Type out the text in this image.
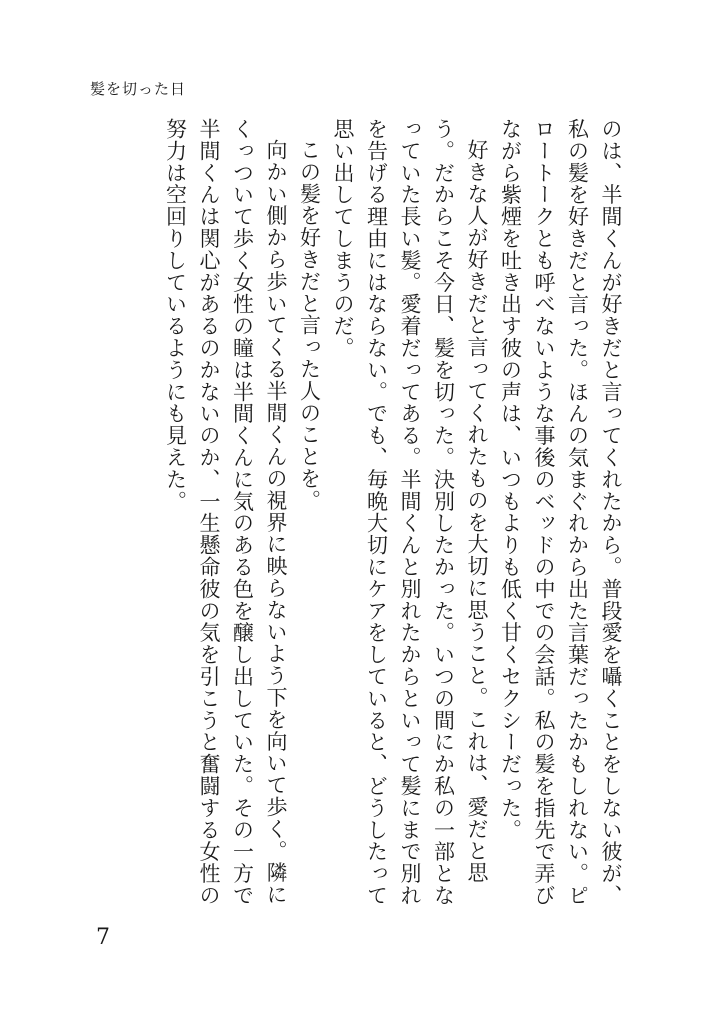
髪を切った日

のは、半間くんが好きだと言ってくれたから。普段愛を囁くことをしない彼が、私の髪を好きだと言った。ほんの気まぐれから出た言葉だったかもしれない。ピロートークとも呼べないような事後のベッドの中での会話。私の髪を指先で弄びながら紫煙を吐き出す彼の声は、いつもよりも低く甘くセクシーだった。

好きな人が好きだと言ってくれたものを大切に思うこと。これは、愛だと思う。だからこそ今日、髪を切った。決別したかった。いつの間にか私の一部となっていた長い髪。愛着だってある。半間くんと別れたからといって髪にまで別れを告げる理由にはならない。でも、毎晩大切にケアをしていると、どうしたって思い出してしまうのだ。

この髪を好きだと言った人のことを。

向かい側から歩いてくる半間くんの視界に映らないよう下を向いて歩く。隣にくっついて歩く女性の瞳は半間くんに気のある色を醸し出していた。その一方で半間くんは関心があるのかないのか、一生懸命彼の気を引こうと奮闘する女性の努力は空回りしているようにも見えた。

7
